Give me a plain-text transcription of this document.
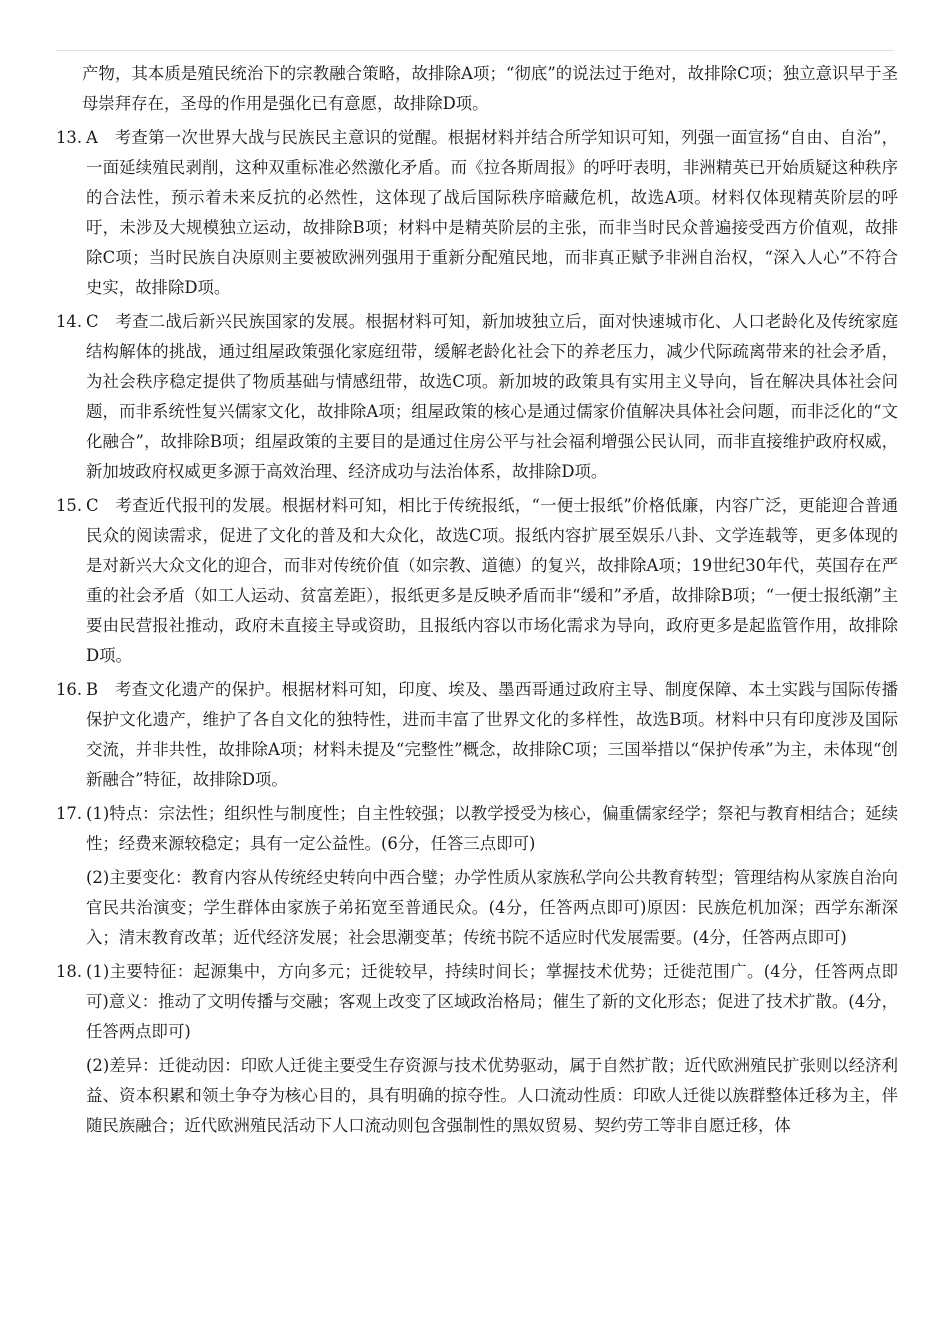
产物，其本质是殖民统治下的宗教融合策略，故排除A项；“彻底”的说法过于绝对，故排除C项；独立意识早于圣母崇拜存在，圣母的作用是强化已有意愿，故排除D项。

13. A　考查第一次世界大战与民族民主意识的觉醒。根据材料并结合所学知识可知，列强一面宣扬“自由、自治”，一面延续殖民剥削，这种双重标准必然激化矛盾。而《拉各斯周报》的呼吁表明，非洲精英已开始质疑这种秩序的合法性，预示着未来反抗的必然性，这体现了战后国际秩序暗藏危机，故选A项。材料仅体现精英阶层的呼吁，未涉及大规模独立运动，故排除B项；材料中是精英阶层的主张，而非当时民众普遍接受西方价值观，故排除C项；当时民族自决原则主要被欧洲列强用于重新分配殖民地，而非真正赋予非洲自治权，“深入人心”不符合史实，故排除D项。

14. C　考查二战后新兴民族国家的发展。根据材料可知，新加坡独立后，面对快速城市化、人口老龄化及传统家庭结构解体的挑战，通过组屋政策强化家庭纽带，缓解老龄化社会下的养老压力，减少代际疏离带来的社会矛盾，为社会秩序稳定提供了物质基础与情感纽带，故选C项。新加坡的政策具有实用主义导向，旨在解决具体社会问题，而非系统性复兴儒家文化，故排除A项；组屋政策的核心是通过儒家价值解决具体社会问题，而非泛化的“文化融合”，故排除B项；组屋政策的主要目的是通过住房公平与社会福利增强公民认同，而非直接维护政府权威，新加坡政府权威更多源于高效治理、经济成功与法治体系，故排除D项。

15. C　考查近代报刊的发展。根据材料可知，相比于传统报纸，“一便士报纸”价格低廉，内容广泛，更能迎合普通民众的阅读需求，促进了文化的普及和大众化，故选C项。报纸内容扩展至娱乐八卦、文学连载等，更多体现的是对新兴大众文化的迎合，而非对传统价值（如宗教、道德）的复兴，故排除A项；19世纪30年代，英国存在严重的社会矛盾（如工人运动、贫富差距），报纸更多是反映矛盾而非“缓和”矛盾，故排除B项；“一便士报纸潮”主要由民营报社推动，政府未直接主导或资助，且报纸内容以市场化需求为导向，政府更多是起监管作用，故排除D项。

16. B　考查文化遗产的保护。根据材料可知，印度、埃及、墨西哥通过政府主导、制度保障、本土实践与国际传播保护文化遗产，维护了各自文化的独特性，进而丰富了世界文化的多样性，故选B项。材料中只有印度涉及国际交流，并非共性，故排除A项；材料未提及“完整性”概念，故排除C项；三国举措以“保护传承”为主，未体现“创新融合”特征，故排除D项。

17. (1)特点：宗法性；组织性与制度性；自主性较强；以教学授受为核心，偏重儒家经学；祭祀与教育相结合；延续性；经费来源较稳定；具有一定公益性。(6分，任答三点即可)

(2)主要变化：教育内容从传统经史转向中西合璧；办学性质从家族私学向公共教育转型；管理结构从家族自治向官民共治演变；学生群体由家族子弟拓宽至普通民众。(4分，任答两点即可)原因：民族危机加深；西学东渐深入；清末教育改革；近代经济发展；社会思潮变革；传统书院不适应时代发展需要。(4分，任答两点即可)

18. (1)主要特征：起源集中，方向多元；迁徙较早，持续时间长；掌握技术优势；迁徙范围广。(4分，任答两点即可)意义：推动了文明传播与交融；客观上改变了区域政治格局；催生了新的文化形态；促进了技术扩散。(4分，任答两点即可)

(2)差异：迁徙动因：印欧人迁徙主要受生存资源与技术优势驱动，属于自然扩散；近代欧洲殖民扩张则以经济利益、资本积累和领土争夺为核心目的，具有明确的掠夺性。人口流动性质：印欧人迁徙以族群整体迁移为主，伴随民族融合；近代欧洲殖民活动下人口流动则包含强制性的黑奴贸易、契约劳工等非自愿迁移，体
